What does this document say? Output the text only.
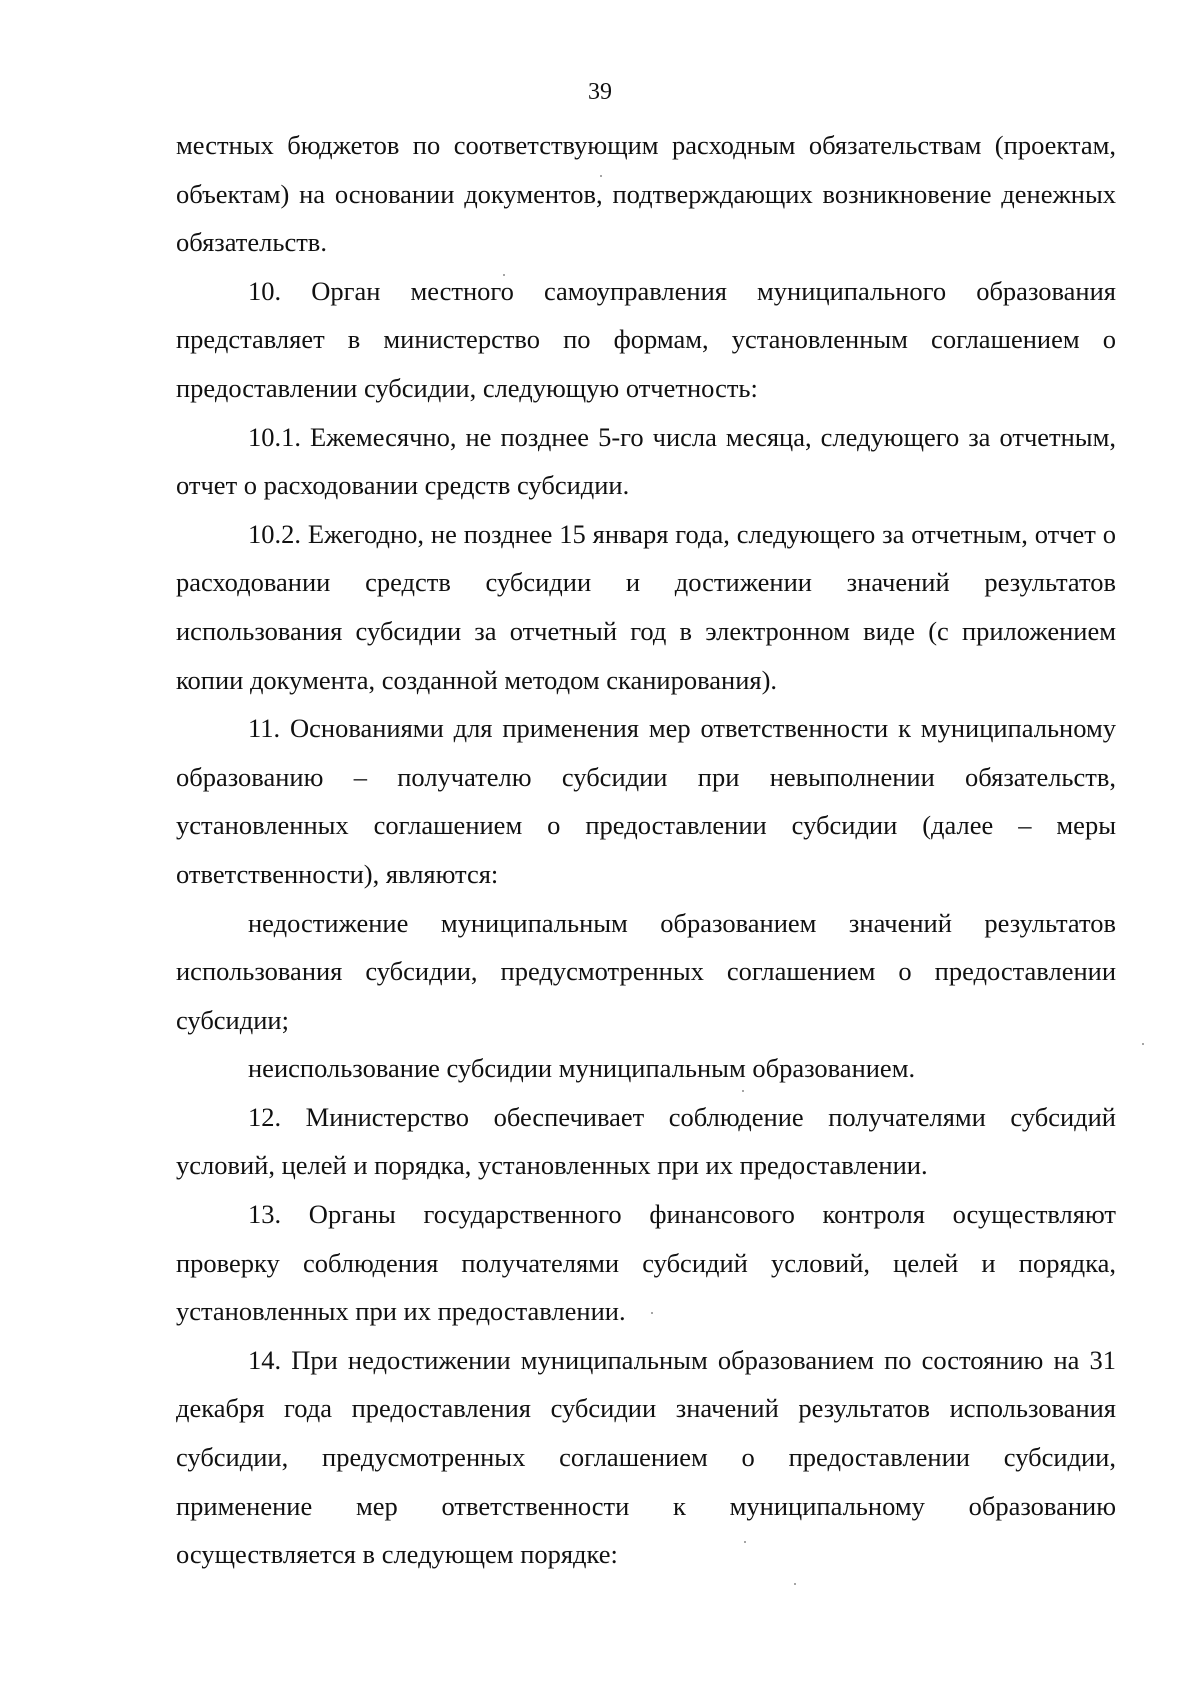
39

местных бюджетов по соответствующим расходным обязательствам (проектам, объектам) на основании документов, подтверждающих возникновение денежных обязательств.

10. Орган местного самоуправления муниципального образования представляет в министерство по формам, установленным соглашением о предоставлении субсидии, следующую отчетность:

10.1. Ежемесячно, не позднее 5-го числа месяца, следующего за отчетным, отчет о расходовании средств субсидии.

10.2. Ежегодно, не позднее 15 января года, следующего за отчетным, отчет о расходовании средств субсидии и достижении значений результатов использования субсидии за отчетный год в электронном виде (с приложением копии документа, созданной методом сканирования).

11. Основаниями для применения мер ответственности к муниципальному образованию – получателю субсидии при невыполнении обязательств, установленных соглашением о предоставлении субсидии (далее – меры ответственности), являются:

недостижение муниципальным образованием значений результатов использования субсидии, предусмотренных соглашением о предоставлении субсидии;

неиспользование субсидии муниципальным образованием.

12. Министерство обеспечивает соблюдение получателями субсидий условий, целей и порядка, установленных при их предоставлении.

13. Органы государственного финансового контроля осуществляют проверку соблюдения получателями субсидий условий, целей и порядка, установленных при их предоставлении.

14. При недостижении муниципальным образованием по состоянию на 31 декабря года предоставления субсидии значений результатов использования субсидии, предусмотренных соглашением о предоставлении субсидии, применение мер ответственности к муниципальному образованию осуществляется в следующем порядке:
